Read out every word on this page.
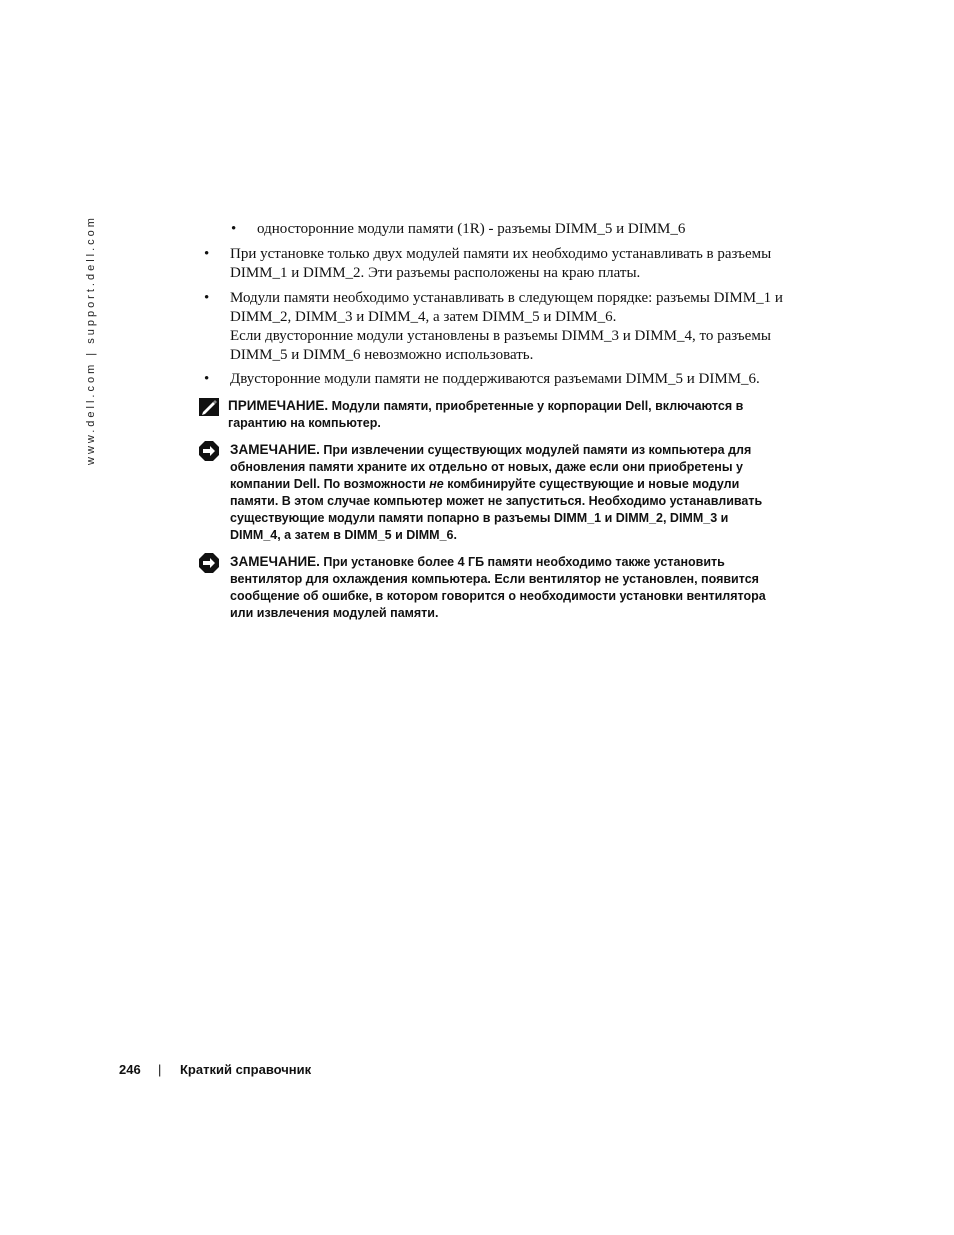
www.dell.com | support.dell.com	• односторонние модули памяти (1R) - разъемы DIMM_5 и DIMM_6
• При установке только двух модулей памяти их необходимо устанавливать в разъемы
DIMM_1 и DIMM_2. Эти разъемы расположены на краю платы.
• Модули памяти необходимо устанавливать в следующем порядке: разъемы DIMM_1 и
DIMM_2, DIMM_3 и DIMM_4, а затем DIMM_5 и DIMM_6.
Если двусторонние модули установлены в разъемы DIMM_3 и DIMM_4, то разъемы
DIMM_5 и DIMM_6 невозможно использовать.
• Двусторонние модули памяти не поддерживаются разъемами DIMM_5 и DIMM_6.
ПРИМЕЧАНИЕ. Модули памяти, приобретенные у корпорации Dell, включаются в
гарантию на компьютер.
ЗАМЕЧАНИЕ. При извлечении существующих модулей памяти из компьютера для
обновления памяти храните их отдельно от новых, даже если они приобретены у
компании Dell. По возможности не комбинируйте существующие и новые модули
памяти. В этом случае компьютер может не запуститься. Необходимо устанавливать
существующие модули памяти попарно в разъемы DIMM_1 и DIMM_2, DIMM_3 и
DIMM_4, а затем в DIMM_5 и DIMM_6.
ЗАМЕЧАНИЕ. При установке более 4 ГБ памяти необходимо также установить
вентилятор для охлаждения компьютера. Если вентилятор не установлен, появится
сообщение об ошибке, в котором говорится о необходимости установки вентилятора
или извлечения модулей памяти.
246 | Краткий справочник
